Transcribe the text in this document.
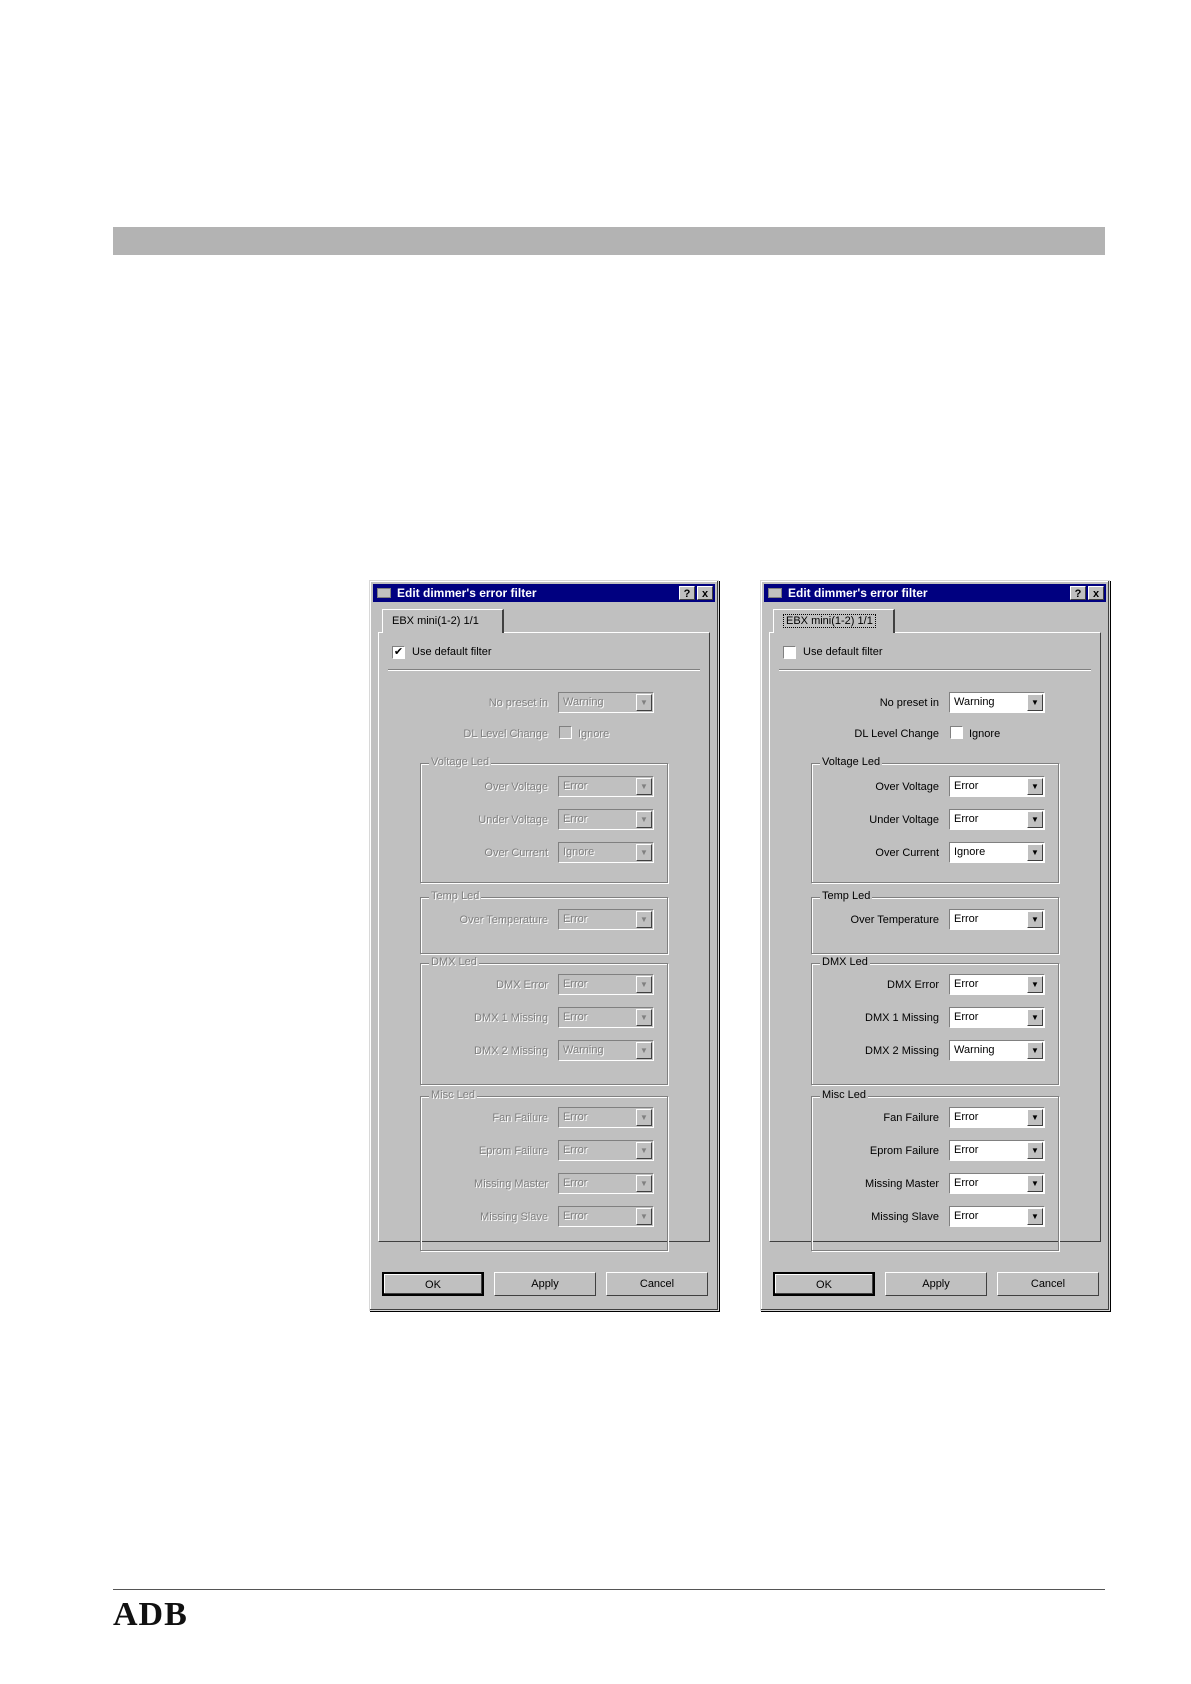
Edit dimmer's error filter	?	x
EBX mini(1-2) 1/1
✔ Use default filter
No preset in Warning	▼
DL Level Change	Ignore
Voltage Led
Over Voltage Error	▼
Under Voltage Error	▼
Over Current Ignore	▼
Temp Led
Over Temperature Error	▼
DMX Led
DMX Error Error	▼
DMX 1 Missing Error	▼
DMX 2 Missing Warning	▼
Misc Led
Fan Failure Error	▼
Eprom Failure Error	▼
Missing Master Error	▼
Missing Slave Error	▼
OK	Apply	Cancel
Edit dimmer's error filter	?	x
EBX mini(1-2) 1/1
Use default filter
No preset in Warning	▼
DL Level Change	Ignore
Voltage Led
Over Voltage Error	▼
Under Voltage Error	▼
Over Current Ignore	▼
Temp Led
Over Temperature Error	▼
DMX Led
DMX Error Error	▼
DMX 1 Missing Error	▼
DMX 2 Missing Warning	▼
Misc Led
Fan Failure Error	▼
Eprom Failure Error	▼
Missing Master Error	▼
Missing Slave Error	▼
OK	Apply	Cancel
ADB
